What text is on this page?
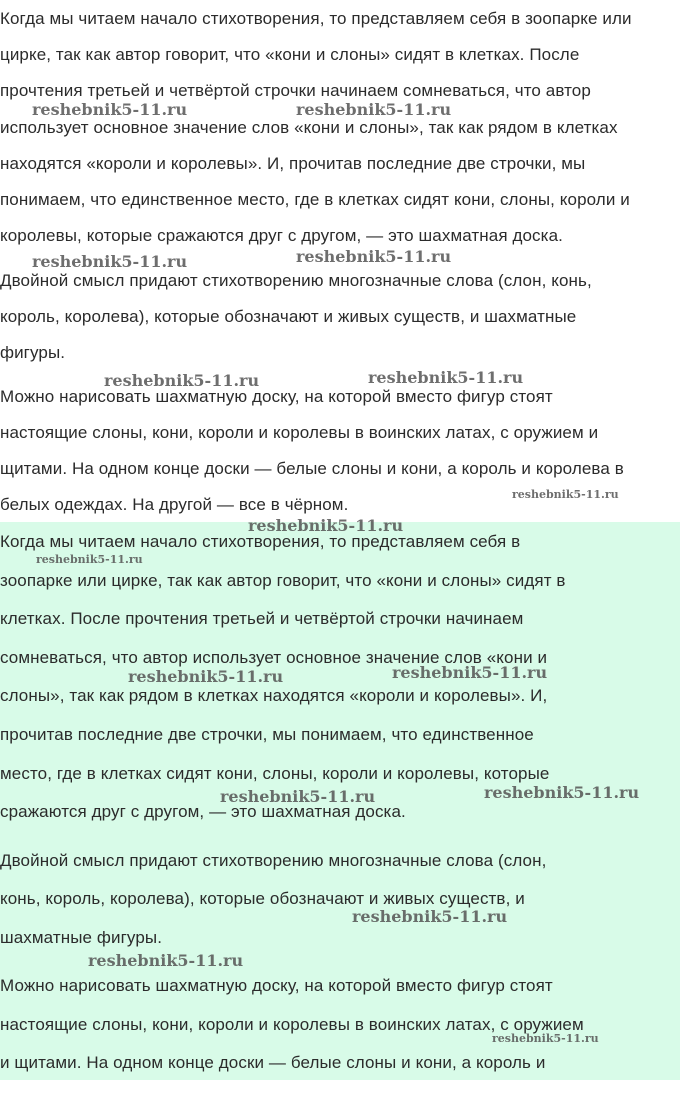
Когда мы читаем начало стихотворения, то представляем себя в зоопарке или
цирке, так как автор говорит, что «кони и слоны» сидят в клетках. После
прочтения третьей и четвёртой строчки начинаем сомневаться, что автор
использует основное значение слов «кони и слоны», так как рядом в клетках
находятся «короли и королевы». И, прочитав последние две строчки, мы
понимаем, что единственное место, где в клетках сидят кони, слоны, короли и
королевы, которые сражаются друг с другом, — это шахматная доска.
Двойной смысл придают стихотворению многозначные слова (слон, конь,
король, королева), которые обозначают и живых существ, и шахматные
фигуры.
Можно нарисовать шахматную доску, на которой вместо фигур стоят
настоящие слоны, кони, короли и королевы в воинских латах, с оружием и
щитами. На одном конце доски — белые слоны и кони, а король и королева в
белых одеждах. На другой — все в чёрном.
Когда мы читаем начало стихотворения, то представляем себя в
зоопарке или цирке, так как автор говорит, что «кони и слоны» сидят в
клетках. После прочтения третьей и четвёртой строчки начинаем
сомневаться, что автор использует основное значение слов «кони и
слоны», так как рядом в клетках находятся «короли и королевы». И,
прочитав последние две строчки, мы понимаем, что единственное
место, где в клетках сидят кони, слоны, короли и королевы, которые
сражаются друг с другом, — это шахматная доска.
Двойной смысл придают стихотворению многозначные слова (слон,
конь, король, королева), которые обозначают и живых существ, и
шахматные фигуры.
Можно нарисовать шахматную доску, на которой вместо фигур стоят
настоящие слоны, кони, короли и королевы в воинских латах, с оружием
и щитами. На одном конце доски — белые слоны и кони, а король и
reshebnik5-11.ru	reshebnik5-11.ru
reshebnik5-11.ru	reshebnik5-11.ru
reshebnik5-11.ru	reshebnik5-11.ru
reshebnik5-11.ru
reshebnik5-11.ru
reshebnik5-11.ru
reshebnik5-11.ru	reshebnik5-11.ru
reshebnik5-11.ru	reshebnik5-11.ru
reshebnik5-11.ru
reshebnik5-11.ru
reshebnik5-11.ru
